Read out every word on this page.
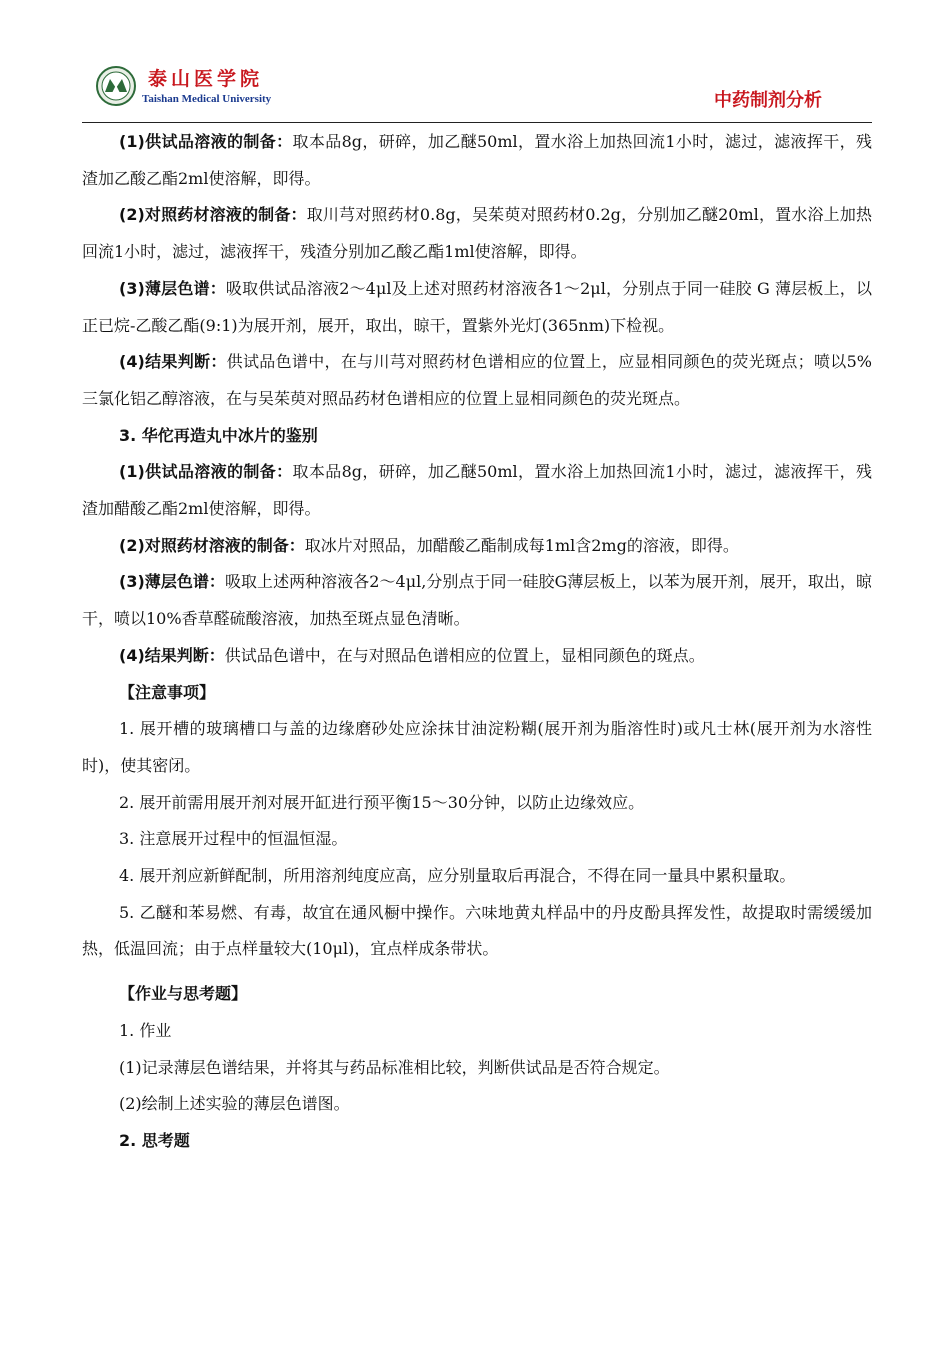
泰山医学院
Taishan Medical University	中药制剂分析

(1)供试品溶液的制备：取本品8g，研碎，加乙醚50ml，置水浴上加热回流1小时，滤过，滤液挥干，残渣加乙酸乙酯2ml使溶解，即得。

(2)对照药材溶液的制备：取川芎对照药材0.8g，吴茱萸对照药材0.2g，分别加乙醚20ml，置水浴上加热回流1小时，滤过，滤液挥干，残渣分别加乙酸乙酯1ml使溶解，即得。

(3)薄层色谱：吸取供试品溶液2～4μl及上述对照药材溶液各1～2μl，分别点于同一硅胶 G 薄层板上，以正已烷-乙酸乙酯(9:1)为展开剂，展开，取出，晾干，置紫外光灯(365nm)下检视。

(4)结果判断：供试品色谱中，在与川芎对照药材色谱相应的位置上，应显相同颜色的荧光斑点；喷以5%三氯化铝乙醇溶液，在与吴茱萸对照品药材色谱相应的位置上显相同颜色的荧光斑点。

3. 华佗再造丸中冰片的鉴别

(1)供试品溶液的制备：取本品8g，研碎，加乙醚50ml，置水浴上加热回流1小时，滤过，滤液挥干，残渣加醋酸乙酯2ml使溶解，即得。

(2)对照药材溶液的制备：取冰片对照品，加醋酸乙酯制成每1ml含2mg的溶液，即得。

(3)薄层色谱：吸取上述两种溶液各2～4μl,分别点于同一硅胶G薄层板上，以苯为展开剂，展开，取出，晾干，喷以10%香草醛硫酸溶液，加热至斑点显色清晰。

(4)结果判断：供试品色谱中，在与对照品色谱相应的位置上，显相同颜色的斑点。

【注意事项】

1. 展开槽的玻璃槽口与盖的边缘磨砂处应涂抹甘油淀粉糊(展开剂为脂溶性时)或凡士林(展开剂为水溶性时)，使其密闭。

2. 展开前需用展开剂对展开缸进行预平衡15～30分钟，以防止边缘效应。

3. 注意展开过程中的恒温恒湿。

4. 展开剂应新鲜配制，所用溶剂纯度应高，应分别量取后再混合，不得在同一量具中累积量取。

5. 乙醚和苯易燃、有毒，故宜在通风橱中操作。六味地黄丸样品中的丹皮酚具挥发性，故提取时需缓缓加热，低温回流；由于点样量较大(10μl)，宜点样成条带状。

【作业与思考题】

1. 作业

(1)记录薄层色谱结果，并将其与药品标准相比较，判断供试品是否符合规定。

(2)绘制上述实验的薄层色谱图。

2. 思考题
